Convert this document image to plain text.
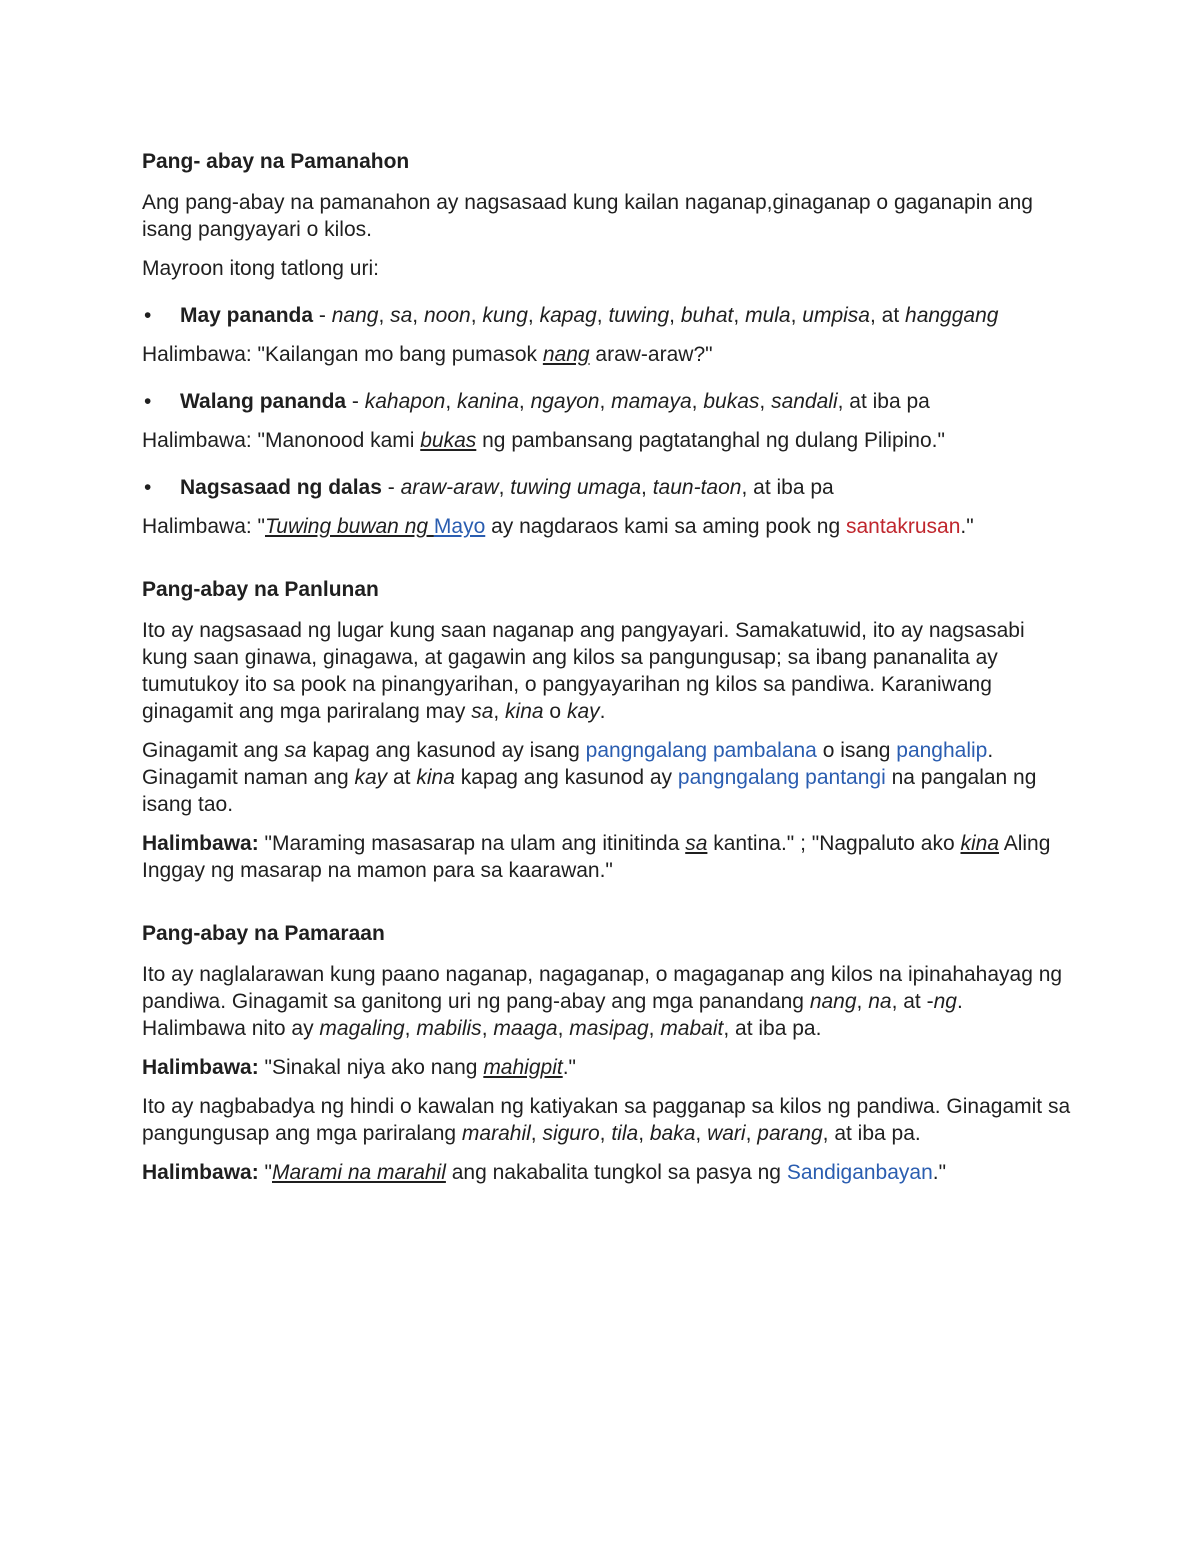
Pang- abay na Pamanahon

Ang pang-abay na pamanahon ay nagsasaad kung kailan naganap,ginaganap o gaganapin ang isang pangyayari o kilos.

Mayroon itong tatlong uri:

• May pananda - nang, sa, noon, kung, kapag, tuwing, buhat, mula, umpisa, at hanggang

Halimbawa: "Kailangan mo bang pumasok nang araw-araw?"

• Walang pananda - kahapon, kanina, ngayon, mamaya, bukas, sandali, at iba pa

Halimbawa: "Manonood kami bukas ng pambansang pagtatanghal ng dulang Pilipino."

• Nagsasaad ng dalas - araw-araw, tuwing umaga, taun-taon, at iba pa

Halimbawa: "Tuwing buwan ng Mayo ay nagdaraos kami sa aming pook ng santakrusan."

Pang-abay na Panlunan

Ito ay nagsasaad ng lugar kung saan naganap ang pangyayari. Samakatuwid, ito ay nagsasabi kung saan ginawa, ginagawa, at gagawin ang kilos sa pangungusap; sa ibang pananalita ay tumutukoy ito sa pook na pinangyarihan, o pangyayarihan ng kilos sa pandiwa. Karaniwang ginagamit ang mga pariralang may sa, kina o kay.

Ginagamit ang sa kapag ang kasunod ay isang pangngalang pambalana o isang panghalip. Ginagamit naman ang kay at kina kapag ang kasunod ay pangngalang pantangi na pangalan ng isang tao.

Halimbawa: "Maraming masasarap na ulam ang itinitinda sa kantina." ; "Nagpaluto ako kina Aling Inggay ng masarap na mamon para sa kaarawan."

Pang-abay na Pamaraan

Ito ay naglalarawan kung paano naganap, nagaganap, o magaganap ang kilos na ipinahahayag ng pandiwa. Ginagamit sa ganitong uri ng pang-abay ang mga panandang nang, na, at -ng. Halimbawa nito ay magaling, mabilis, maaga, masipag, mabait, at iba pa.

Halimbawa: "Sinakal niya ako nang mahigpit."

Ito ay nagbabadya ng hindi o kawalan ng katiyakan sa pagganap sa kilos ng pandiwa. Ginagamit sa pangungusap ang mga pariralang marahil, siguro, tila, baka, wari, parang, at iba pa.

Halimbawa: "Marami na marahil ang nakabalita tungkol sa pasya ng Sandiganbayan."
